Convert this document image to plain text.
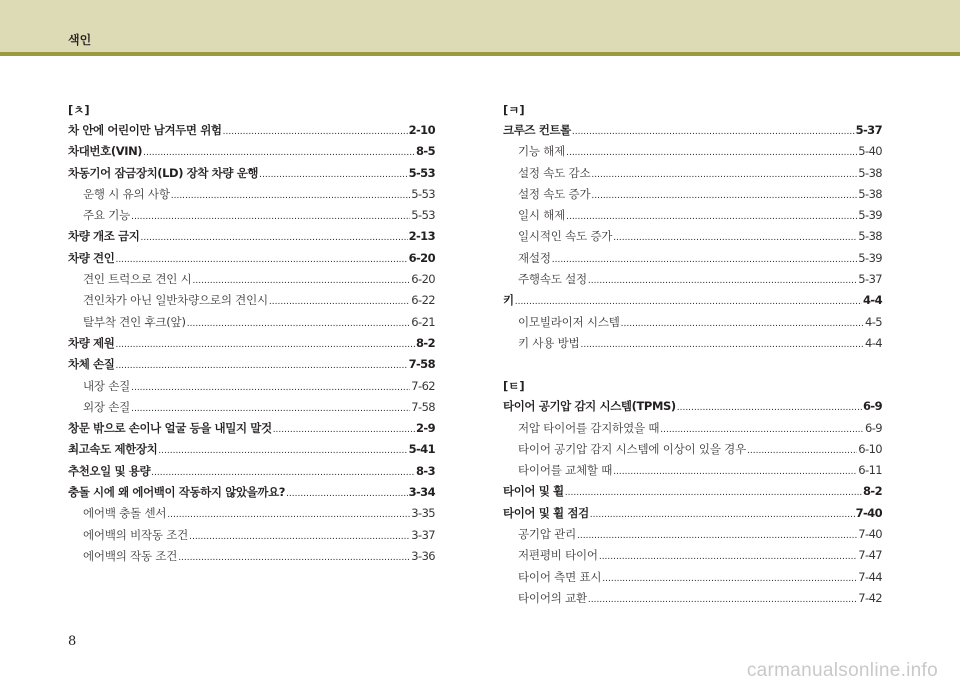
색인
[ㅊ]
차 안에 어린이만 남겨두면 위험 .....	2-10
차대번호(VIN) .....	8-5
차동기어 잠금장치(LD) 장착 차량 운행 .....	5-53
운행 시 유의 사항 .....	5-53
주요 기능 .....	5-53
차량 개조 금지 .....	2-13
차량 견인 .....	6-20
견인 트럭으로 견인 시 .....	6-20
견인차가 아닌 일반차량으로의 견인시 .....	6-22
탈부착 견인 후크(앞) .....	6-21
차량 제원 .....	8-2
차체 손질 .....	7-58
내장 손질 .....	7-62
외장 손질 .....	7-58
창문 밖으로 손이나 얼굴 등을 내밀지 말것 .....	2-9
최고속도 제한장치 .....	5-41
추천오일 및 용량 .....	8-3
충돌 시에 왜 에어백이 작동하지 않았을까요? .....	3-34
에어백 충돌 센서 .....	3-35
에어백의 비작동 조건 .....	3-37
에어백의 작동 조건 .....	3-36
[ㅋ]
크루즈 컨트롤 .....	5-37
기능 해제 .....	5-40
설정 속도 감소 .....	5-38
설정 속도 증가 .....	5-38
일시 해제 .....	5-39
일시적인 속도 증가 .....	5-38
재설정 .....	5-39
주행속도 설정 .....	5-37
키 .....	4-4
이모빌라이저 시스템 .....	4-5
키 사용 방법 .....	4-4
[ㅌ]
타이어 공기압 감지 시스템(TPMS) .....	6-9
저압 타이어를 감지하였을 때 .....	6-9
타이어 공기압 감지 시스템에 이상이 있을 경우 .....	6-10
타이어를 교체할 때 .....	6-11
타이어 및 휠 .....	8-2
타이어 및 휠 점검 .....	7-40
공기압 관리 .....	7-40
저편평비 타이어 .....	7-47
타이어 측면 표시 .....	7-44
타이어의 교환 .....	7-42
8
carmanualsonline.info
